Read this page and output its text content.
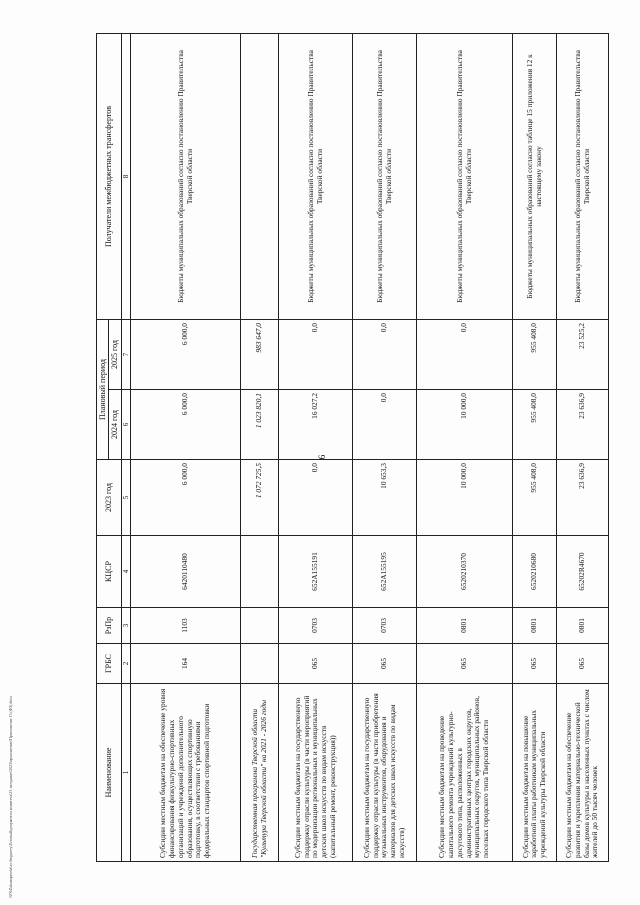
6
Наименование	ГРБС	РзПр	КЦСР	2023 год	Плановый период		Получатели межбюджетных трансфертов
					2024 год	2025 год	
1	2	3	4	5	6	7	8
Субсидии местным бюджетам на обеспечение уровня финансирования физкультурно-спортивных организаций и учреждений дополнительного образования, осуществляющих спортивную подготовку, в соответствии с требованиями федеральных стандартов спортивной подготовки	164	1103	6420110480	6 000,0	6 000,0	6 000,0	Бюджеты муниципальных образований согласно постановлению Правительства Тверской области
Государственная программа Тверской области "Культура Тверской области" на 2021 - 2026 годы				1 072 725,5	1 023 820,1	983 647,0	
Субсидии местным бюджетам на государственную поддержку отрасли культуры (в части мероприятий по модернизации региональных и муниципальных детских школ искусств по видам искусств (капитальный ремонт, реконструкция))	065	0703	652A155191	0,0	16 027,2	0,0	Бюджеты муниципальных образований согласно постановлению Правительства Тверской области
Субсидии местным бюджетам на государственную поддержку отрасли культуры (в части приобретения музыкальных инструментов, оборудования и материалов для детских школ искусств по видам искусств)	065	0703	652A155195	10 653,3	0,0	0,0	Бюджеты муниципальных образований согласно постановлению Правительства Тверской области
Субсидии местным бюджетам на проведение капитального ремонта учреждений культурно-досугового типа, расположенных в административных центрах городских округов, муниципальных округов, муниципальных районов, поселках городского типа Тверской области	065	0801	6520210370	10 000,0	10 000,0	0,0	Бюджеты муниципальных образований согласно постановлению Правительства Тверской области
Субсидии местным бюджетам на повышение заработной платы работникам муниципальных учреждений культуры Тверской области	065	0801	6520210680	955 408,0	955 408,0	955 408,0	Бюджеты муниципальных образований согласно таблице 15 приложения 12 к настоящему закону
Субсидии местным бюджетам на обеспечение развития и укрепления материально-технической базы домов культуры в населенных пунктах с числом жителей до 50 тысяч человек	065	0801	65202R4670	23 636,9	23 636,9	23 525,2	Бюджеты муниципальных образований согласно постановлению Правительства Тверской области
\\FS\Zakonoproekt\ло бюджету\Готовый\документы комитета\23 заседание\2023\приложение\Приложение 13 (ФЗ).docx
